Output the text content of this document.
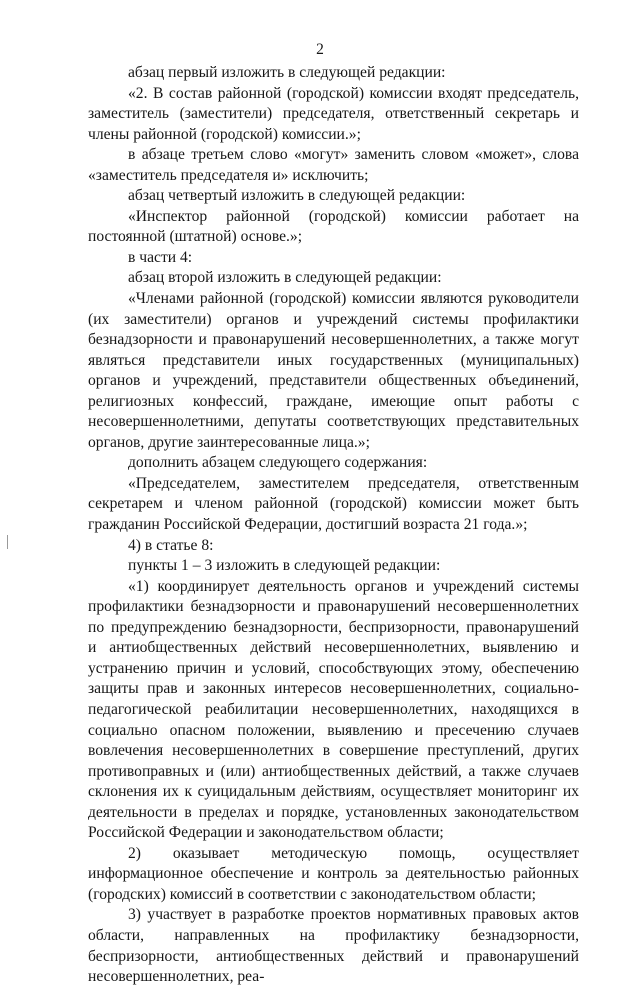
2

абзац первый изложить в следующей редакции:

«2. В состав районной (городской) комиссии входят председатель, заместитель (заместители) председателя, ответственный секретарь и члены районной (городской) комиссии.»;

в абзаце третьем слово «могут» заменить словом «может», слова «заместитель председателя и» исключить;

абзац четвертый изложить в следующей редакции:

«Инспектор районной (городской) комиссии работает на постоянной (штатной) основе.»;

в части 4:

абзац второй изложить в следующей редакции:

«Членами районной (городской) комиссии являются руководители (их заместители) органов и учреждений системы профилактики безнадзорности и правонарушений несовершеннолетних, а также могут являться представители иных государственных (муниципальных) органов и учреждений, представители общественных объединений, религиозных конфессий, граждане, имеющие опыт работы с несовершеннолетними, депутаты соответствующих представительных органов, другие заинтересованные лица.»;

дополнить абзацем следующего содержания:

«Председателем, заместителем председателя, ответственным секретарем и членом районной (городской) комиссии может быть гражданин Российской Федерации, достигший возраста 21 года.»;

4) в статье 8:

пункты 1 – 3 изложить в следующей редакции:

«1) координирует деятельность органов и учреждений системы профилактики безнадзорности и правонарушений несовершеннолетних по предупреждению безнадзорности, беспризорности, правонарушений и антиобщественных действий несовершеннолетних, выявлению и устранению причин и условий, способствующих этому, обеспечению защиты прав и законных интересов несовершеннолетних, социально-педагогической реабилитации несовершеннолетних, находящихся в социально опасном положении, выявлению и пресечению случаев вовлечения несовершеннолетних в совершение преступлений, других противоправных и (или) антиобщественных действий, а также случаев склонения их к суицидальным действиям, осуществляет мониторинг их деятельности в пределах и порядке, установленных законодательством Российской Федерации и законодательством области;

2) оказывает методическую помощь, осуществляет информационное обеспечение и контроль за деятельностью районных (городских) комиссий в соответствии с законодательством области;

3) участвует в разработке проектов нормативных правовых актов области, направленных на профилактику безнадзорности, беспризорности, антиобщественных действий и правонарушений несовершеннолетних, реа-
